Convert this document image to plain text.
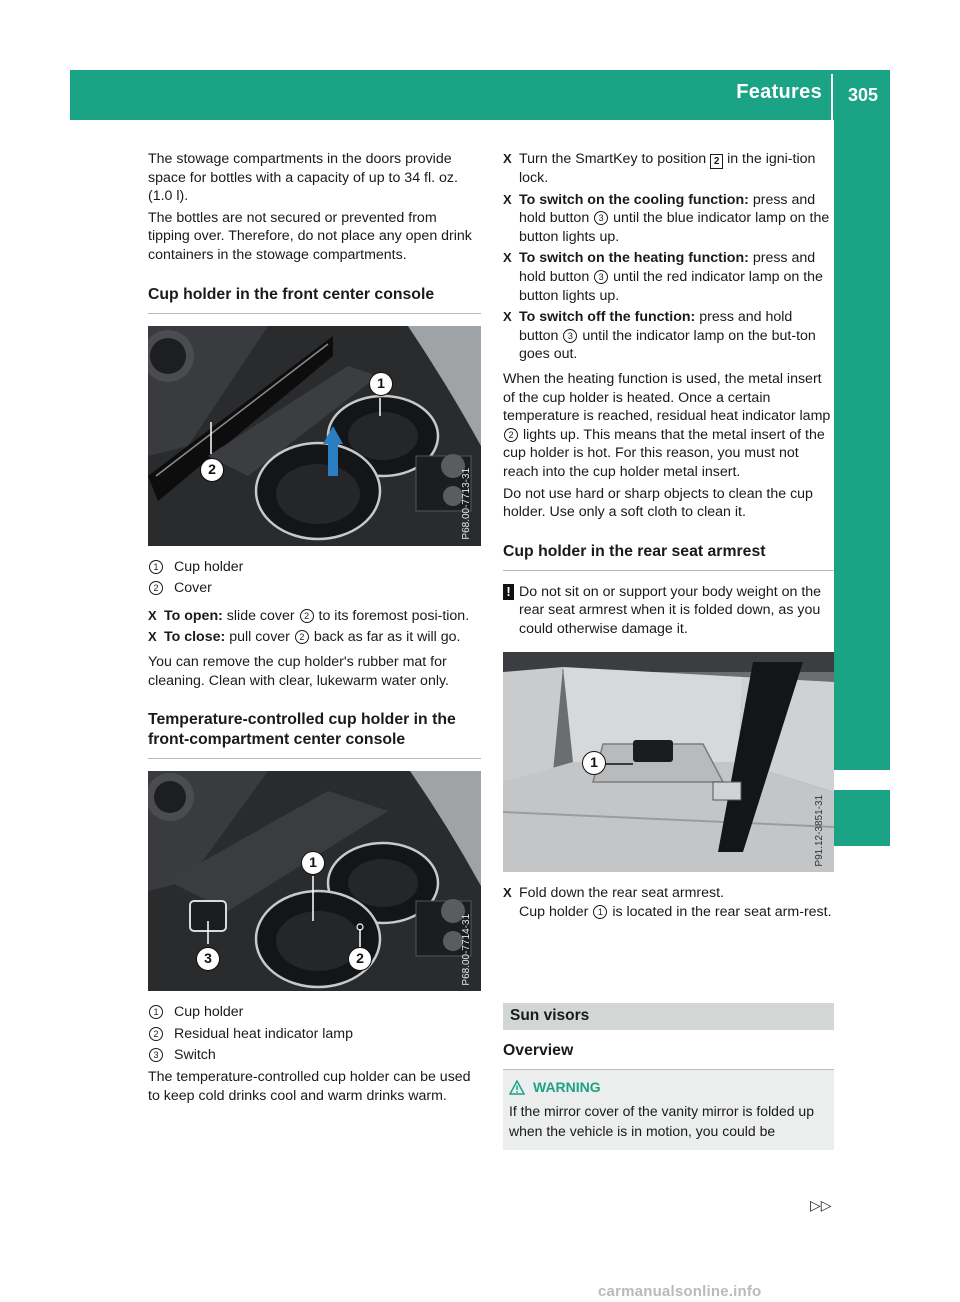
Features	305
Stowage and features

The stowage compartments in the doors provide space for bottles with a capacity of up to 34 fl. oz. (1.0 l).

The bottles are not secured or prevented from tipping over. Therefore, do not place any open drink containers in the stowage compartments.

Cup holder in the front center console
1
2	P68.00-7713-31
1	Cup holder
2	Cover
X To open: slide cover 2 to its foremost posi-tion.
X To close: pull cover 2 back as far as it will go.

You can remove the cup holder's rubber mat for cleaning. Clean with clear, lukewarm water only.

Temperature-controlled cup holder in the front-compartment center console
1
2
3	P68.00-7714-31
1	Cup holder
2	Residual heat indicator lamp
3	Switch

The temperature-controlled cup holder can be used to keep cold drinks cool and warm drinks warm.

X Turn the SmartKey to position 2 in the igni-tion lock.
X To switch on the cooling function: press and hold button 3 until the blue indicator lamp on the button lights up.
X To switch on the heating function: press and hold button 3 until the red indicator lamp on the button lights up.
X To switch off the function: press and hold button 3 until the indicator lamp on the but-ton goes out.

When the heating function is used, the metal insert of the cup holder is heated. Once a certain temperature is reached, residual heat indicator lamp 2 lights up. This means that the metal insert of the cup holder is hot. For this reason, you must not reach into the cup holder metal insert.

Do not use hard or sharp objects to clean the cup holder. Use only a soft cloth to clean it.

Cup holder in the rear seat armrest
! Do not sit on or support your body weight on the rear seat armrest when it is folded down, as you could otherwise damage it.
1
P91.12-3851-31
X Fold down the rear seat armrest.
Cup holder 1 is located in the rear seat arm-rest.
Sun visors
Overview
WARNING

If the mirror cover of the vanity mirror is folded up when the vehicle is in motion, you could be

▷▷
carmanualsonline.info
